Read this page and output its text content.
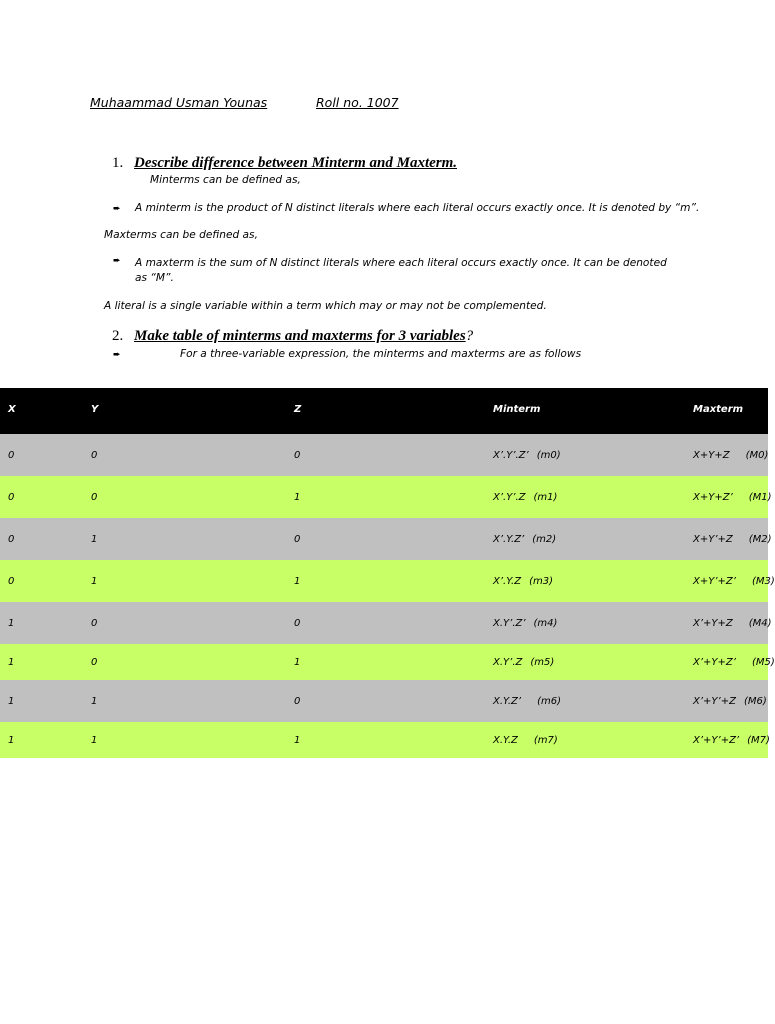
Muhaammad Usman Younas	Roll no. 1007
1. Describe difference between Minterm and Maxterm.
Minterms can be defined as,
➨ A minterm is the product of N distinct literals where each literal occurs exactly once. It is denoted by “m”.
Maxterms can be defined as,
➨	A maxterm is the sum of N distinct literals where each literal occurs exactly once. It can be denoted as “M”.
A literal is a single variable within a term which may or may not be complemented.
2. Make table of minterms and maxterms for 3 variables?
➨	For a three-variable expression, the minterms and maxterms are as follows
X	Y	Z	Minterm	Maxterm
0	0	0	X’.Y’.Z’ (m0)	X+Y+Z (M0)
0	0	1	X’.Y’.Z (m1)	X+Y+Z’ (M1)
0	1	0	X’.Y.Z’ (m2)	X+Y’+Z (M2)
0	1	1	X’.Y.Z (m3)	X+Y’+Z’ (M3)
1	0	0	X.Y’.Z’ (m4)	X’+Y+Z (M4)
1	0	1	X.Y’.Z (m5)	X’+Y+Z’ (M5)
1	1	0	X.Y.Z’ (m6)	X’+Y’+Z (M6)
1	1	1	X.Y.Z (m7)	X’+Y’+Z’ (M7)
